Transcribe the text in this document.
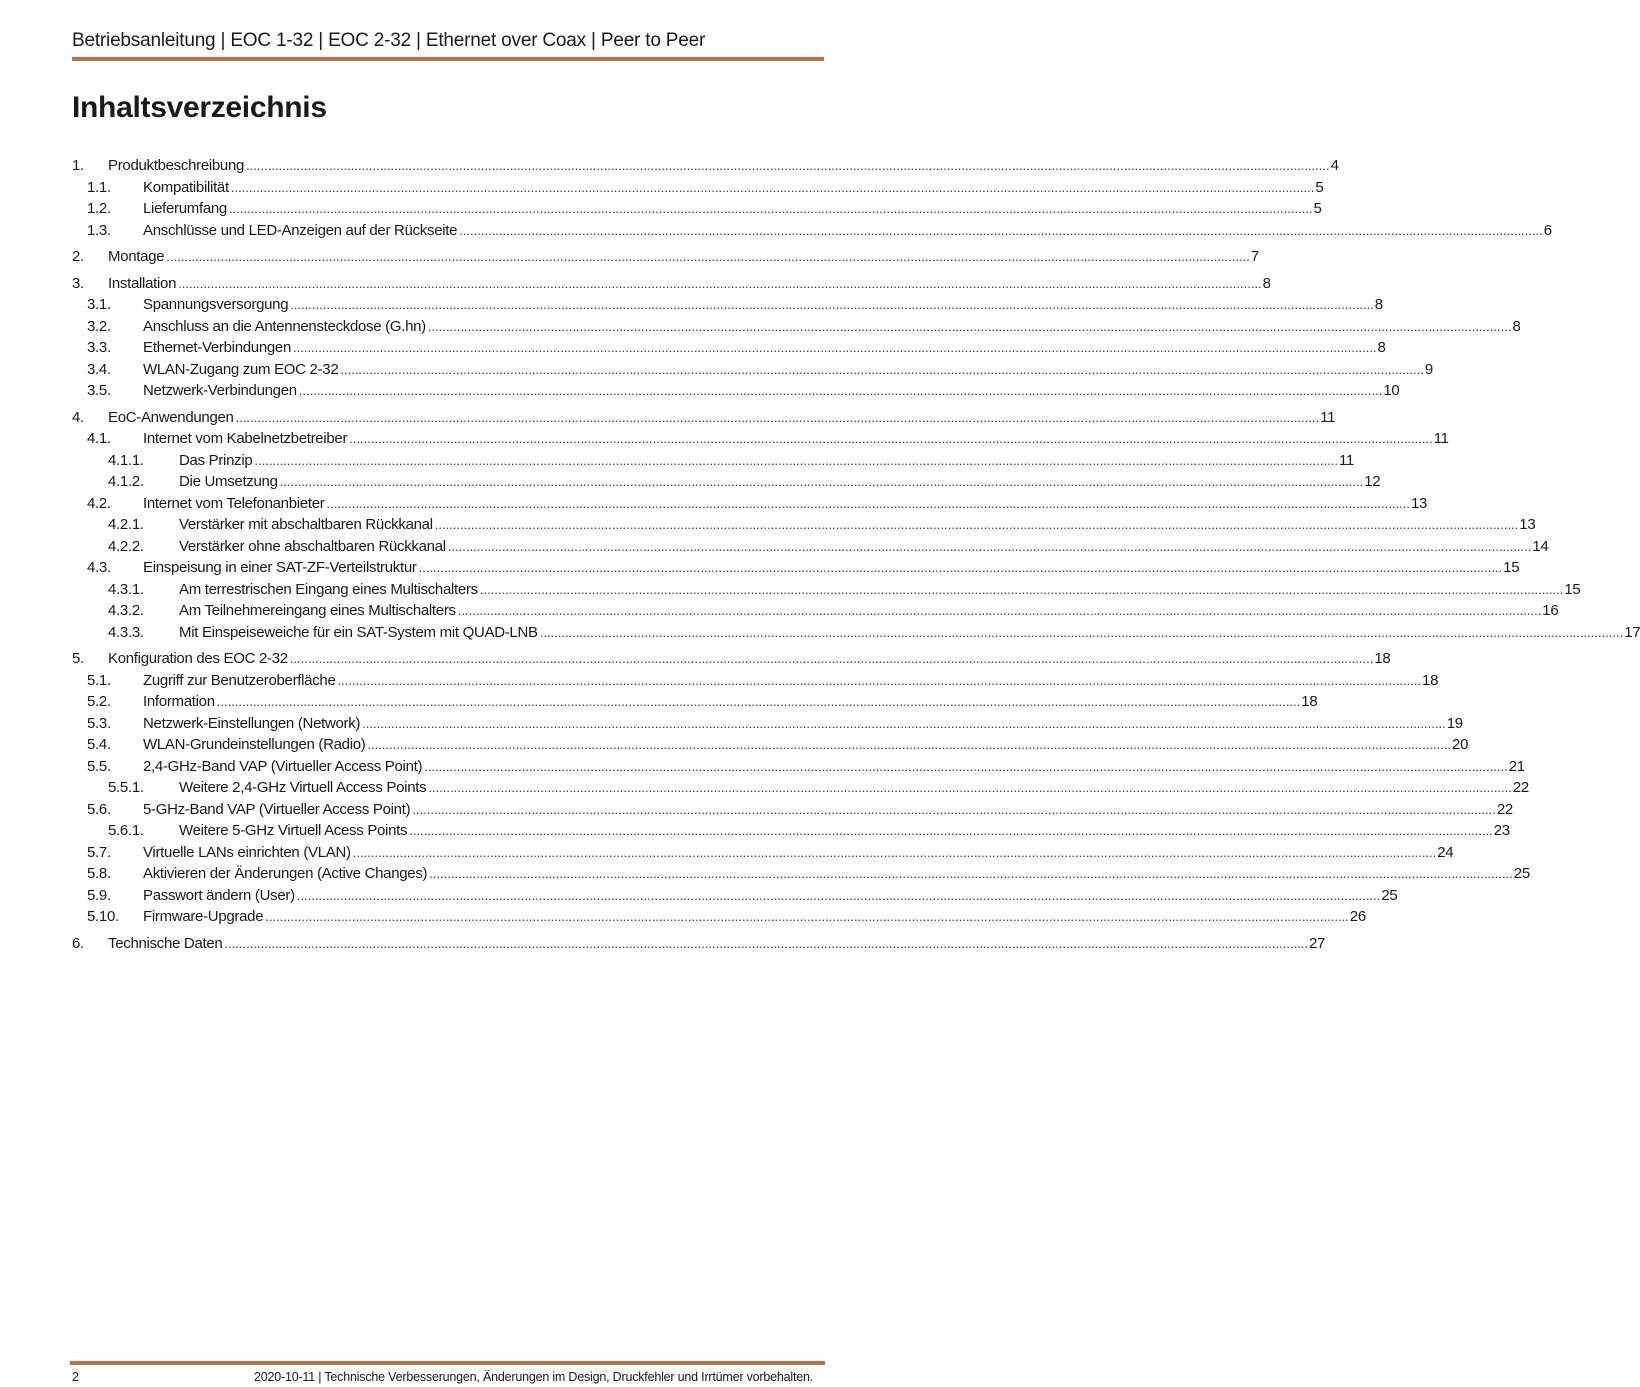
Betriebsanleitung | EOC 1-32 | EOC 2-32 | Ethernet over Coax | Peer to Peer
Inhaltsverzeichnis
1.	Produktbeschreibung ............................................................................................................................................................................................................................................................................................................ 4
1.1.	Kompatibilität ............................................................................................................................................................................................................................................................................................................ 5
1.2.	Lieferumfang ............................................................................................................................................................................................................................................................................................................ 5
1.3.	Anschlüsse und LED-Anzeigen auf der Rückseite ............................................................................................................................................................................................................................................................................................................ 6
2.	Montage ............................................................................................................................................................................................................................................................................................................ 7
3.	Installation ............................................................................................................................................................................................................................................................................................................ 8
3.1.	Spannungsversorgung ............................................................................................................................................................................................................................................................................................................ 8
3.2.	Anschluss an die Antennensteckdose (G.hn) ............................................................................................................................................................................................................................................................................................................ 8
3.3.	Ethernet-Verbindungen ............................................................................................................................................................................................................................................................................................................ 8
3.4.	WLAN-Zugang zum EOC 2-32 ............................................................................................................................................................................................................................................................................................................ 9
3.5.	Netzwerk-Verbindungen ............................................................................................................................................................................................................................................................................................................ 10
4.	EoC-Anwendungen ............................................................................................................................................................................................................................................................................................................ 11
4.1.	Internet vom Kabelnetzbetreiber ............................................................................................................................................................................................................................................................................................................ 11
4.1.1.	Das Prinzip ............................................................................................................................................................................................................................................................................................................ 11
4.1.2.	Die Umsetzung ............................................................................................................................................................................................................................................................................................................ 12
4.2.	Internet vom Telefonanbieter ............................................................................................................................................................................................................................................................................................................ 13
4.2.1.	Verstärker mit abschaltbaren Rückkanal ............................................................................................................................................................................................................................................................................................................ 13
4.2.2.	Verstärker ohne abschaltbaren Rückkanal ............................................................................................................................................................................................................................................................................................................ 14
4.3.	Einspeisung in einer SAT-ZF-Verteilstruktur ............................................................................................................................................................................................................................................................................................................ 15
4.3.1.	Am terrestrischen Eingang eines Multischalters ............................................................................................................................................................................................................................................................................................................ 15
4.3.2.	Am Teilnehmereingang eines Multischalters ............................................................................................................................................................................................................................................................................................................ 16
4.3.3.	Mit Einspeiseweiche für ein SAT-System mit QUAD-LNB ............................................................................................................................................................................................................................................................................................................ 17
5.	Konfiguration des EOC 2-32 ............................................................................................................................................................................................................................................................................................................ 18
5.1.	Zugriff zur Benutzeroberfläche ............................................................................................................................................................................................................................................................................................................ 18
5.2.	Information ............................................................................................................................................................................................................................................................................................................ 18
5.3.	Netzwerk-Einstellungen (Network) ............................................................................................................................................................................................................................................................................................................ 19
5.4.	WLAN-Grundeinstellungen (Radio) ............................................................................................................................................................................................................................................................................................................ 20
5.5.	2,4-GHz-Band VAP (Virtueller Access Point) ............................................................................................................................................................................................................................................................................................................ 21
5.5.1.	Weitere 2,4-GHz Virtuell Access Points ............................................................................................................................................................................................................................................................................................................ 22
5.6.	5-GHz-Band VAP (Virtueller Access Point) ............................................................................................................................................................................................................................................................................................................ 22
5.6.1.	Weitere 5-GHz Virtuell Acess Points ............................................................................................................................................................................................................................................................................................................ 23
5.7.	Virtuelle LANs einrichten (VLAN) ............................................................................................................................................................................................................................................................................................................ 24
5.8.	Aktivieren der Änderungen (Active Changes) ............................................................................................................................................................................................................................................................................................................ 25
5.9.	Passwort ändern (User) ............................................................................................................................................................................................................................................................................................................ 25
5.10.	Firmware-Upgrade ............................................................................................................................................................................................................................................................................................................ 26
6.	Technische Daten ............................................................................................................................................................................................................................................................................................................ 27
2	2020-10-11 | Technische Verbesserungen, Änderungen im Design, Druckfehler und Irrtümer vorbehalten.
